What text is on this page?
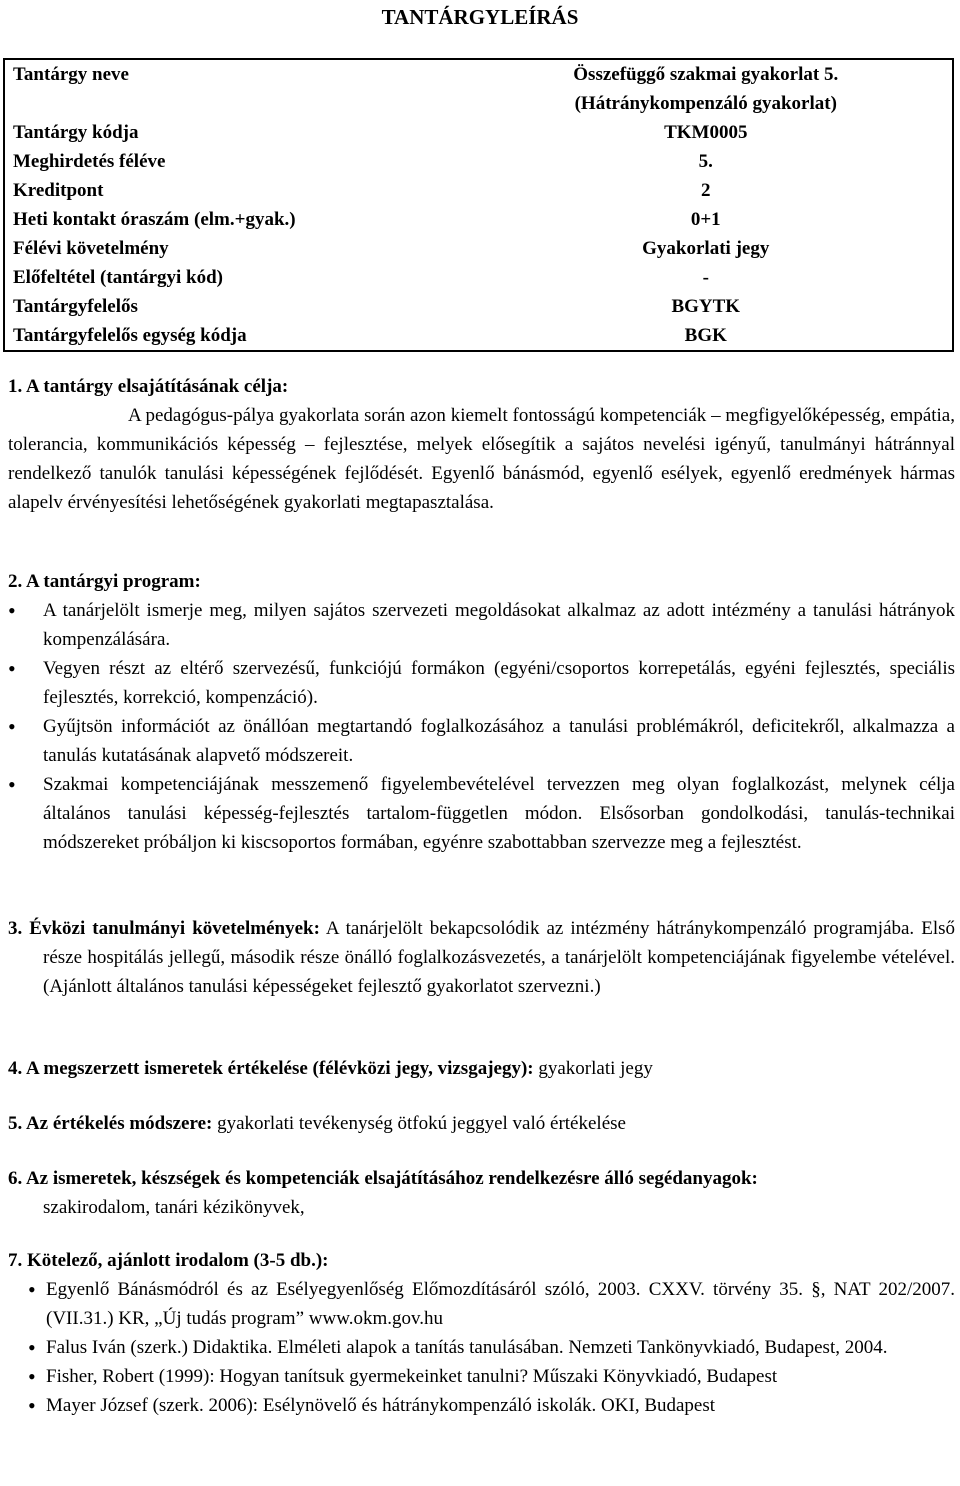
TANTÁRGYLEÍRÁS
Tantárgy neve	Összefüggő szakmai gyakorlat 5.
(Hátránykompenzáló gyakorlat)
Tantárgy kódja	TKM0005
Meghirdetés féléve	5.
Kreditpont	2
Heti kontakt óraszám (elm.+gyak.)	0+1
Félévi követelmény	Gyakorlati jegy
Előfeltétel (tantárgyi kód)	-
Tantárgyfelelős	BGYTK
Tantárgyfelelős egység kódja	BGK

1. A tantárgy elsajátításának célja:

A pedagógus-pálya gyakorlata során azon kiemelt fontosságú kompetenciák – megfigyelőképesség, empátia, tolerancia, kommunikációs képesség – fejlesztése, melyek elősegítik a sajátos nevelési igényű, tanulmányi hátránnyal rendelkező tanulók tanulási képességének fejlődését. Egyenlő bánásmód, egyenlő esélyek, egyenlő eredmények hármas alapelv érvényesítési lehetőségének gyakorlati megtapasztalása.

2. A tantárgyi program:

• A tanárjelölt ismerje meg, milyen sajátos szervezeti megoldásokat alkalmaz az adott intézmény a tanulási hátrányok kompenzálására.
• Vegyen részt az eltérő szervezésű, funkciójú formákon (egyéni/csoportos korrepetálás, egyéni fejlesztés, speciális fejlesztés, korrekció, kompenzáció).
• Gyűjtsön információt az önállóan megtartandó foglalkozásához a tanulási problémákról, deficitekről, alkalmazza a tanulás kutatásának alapvető módszereit.
• Szakmai kompetenciájának messzemenő figyelembevételével tervezzen meg olyan foglalkozást, melynek célja általános tanulási képesség-fejlesztés tartalom-független módon. Elsősorban gondolkodási, tanulás-technikai módszereket próbáljon ki kiscsoportos formában, egyénre szabottabban szervezze meg a fejlesztést.

3. Évközi tanulmányi követelmények: A tanárjelölt bekapcsolódik az intézmény hátránykompenzáló programjába. Első része hospitálás jellegű, második része önálló foglalkozásvezetés, a tanárjelölt kompetenciájának figyelembe vételével. (Ajánlott általános tanulási képességeket fejlesztő gyakorlatot szervezni.)

4. A megszerzett ismeretek értékelése (félévközi jegy, vizsgajegy): gyakorlati jegy

5. Az értékelés módszere: gyakorlati tevékenység ötfokú jeggyel való értékelése

6. Az ismeretek, készségek és kompetenciák elsajátításához rendelkezésre álló segédanyagok:

szakirodalom, tanári kézikönyvek,

7. Kötelező, ajánlott irodalom (3-5 db.):

• Egyenlő Bánásmódról és az Esélyegyenlőség Előmozdításáról szóló, 2003. CXXV. törvény 35. §, NAT 202/2007.(VII.31.) KR, „Új tudás program” www.okm.gov.hu
• Falus Iván (szerk.) Didaktika. Elméleti alapok a tanítás tanulásában. Nemzeti Tankönyvkiadó, Budapest, 2004.
• Fisher, Robert (1999): Hogyan tanítsuk gyermekeinket tanulni? Műszaki Könyvkiadó, Budapest
• Mayer József (szerk. 2006): Esélynövelő és hátránykompenzáló iskolák. OKI, Budapest
